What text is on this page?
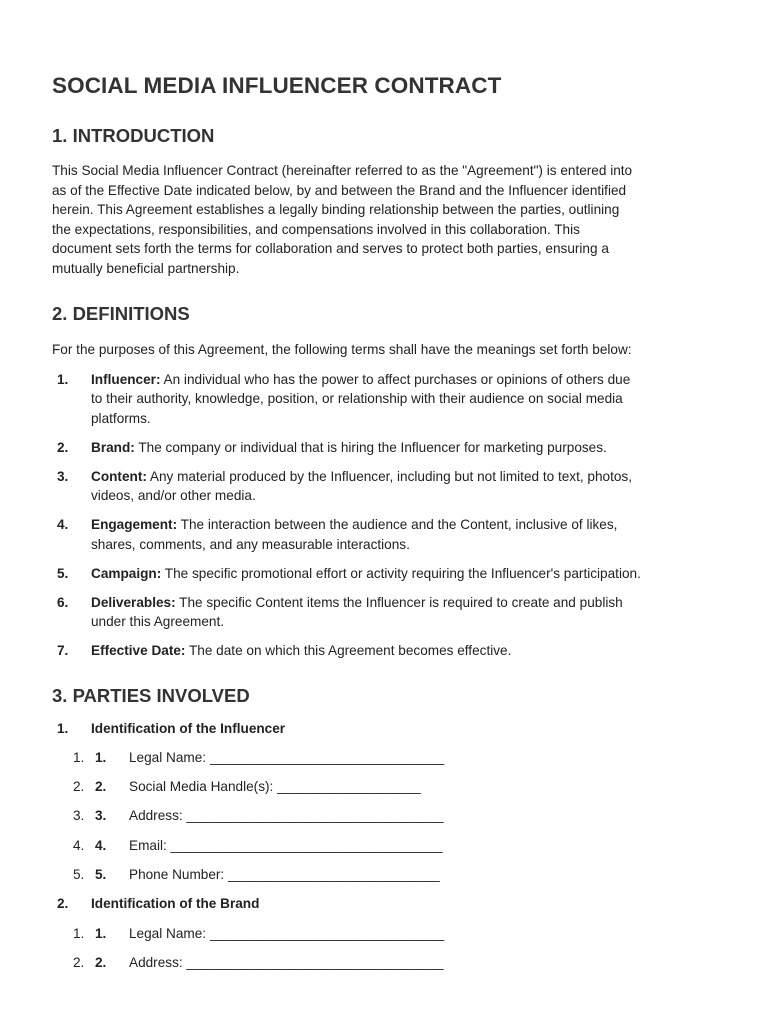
SOCIAL MEDIA INFLUENCER CONTRACT
1. INTRODUCTION

This Social Media Influencer Contract (hereinafter referred to as the "Agreement") is entered into
as of the Effective Date indicated below, by and between the Brand and the Influencer identified
herein. This Agreement establishes a legally binding relationship between the parties, outlining
the expectations, responsibilities, and compensations involved in this collaboration. This
document sets forth the terms for collaboration and serves to protect both parties, ensuring a
mutually beneficial partnership.

2. DEFINITIONS

For the purposes of this Agreement, the following terms shall have the meanings set forth below:

1. Influencer: An individual who has the power to affect purchases or opinions of others due
to their authority, knowledge, position, or relationship with their audience on social media
platforms.
2. Brand: The company or individual that is hiring the Influencer for marketing purposes.
3. Content: Any material produced by the Influencer, including but not limited to text, photos,
videos, and/or other media.
4. Engagement: The interaction between the audience and the Content, inclusive of likes,
shares, comments, and any measurable interactions.
5. Campaign: The specific promotional effort or activity requiring the Influencer's participation.
6. Deliverables: The specific Content items the Influencer is required to create and publish
under this Agreement.
7. Effective Date: The date on which this Agreement becomes effective.
3. PARTIES INVOLVED
1. Identification of the Influencer
1. 1. Legal Name: _______________________________
2. 2. Social Media Handle(s): ___________________
3. 3. Address: __________________________________
4. 4. Email: ____________________________________
5. 5. Phone Number: ____________________________
2. Identification of the Brand
1. 1. Legal Name: _______________________________
2. 2. Address: __________________________________
